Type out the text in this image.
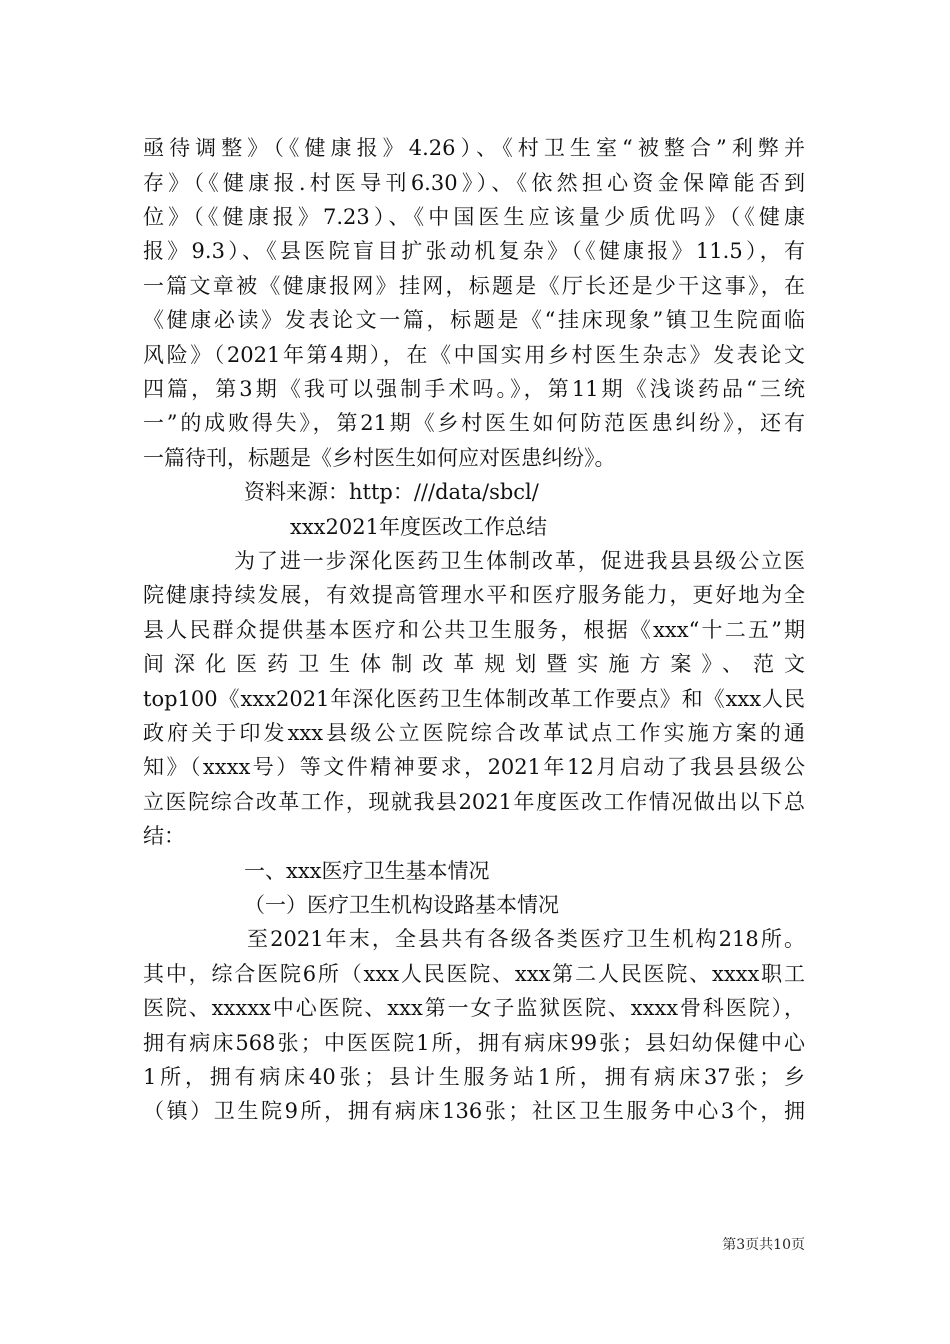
亟待调整》（《健康报》4.26）、《村卫生室“被整合”利弊并
存》（《健康报.村医导刊6.30》）、《依然担心资金保障能否到
位》（《健康报》7.23）、《中国医生应该量少质优吗》（《健康
报》9.3）、《县医院盲目扩张动机复杂》（《健康报》11.5），有
一篇文章被《健康报网》挂网，标题是《厅长还是少干这事》，在
《健康必读》发表论文一篇，标题是《“挂床现象”镇卫生院面临
风险》（2021年第4期），在《中国实用乡村医生杂志》发表论文
四篇，第3期《我可以强制手术吗。》，第11期《浅谈药品“三统
一”的成败得失》，第21期《乡村医生如何防范医患纠纷》，还有
一篇待刊，标题是《乡村医生如何应对医患纠纷》。
资料来源：http：///data/sbcl/
xxx2021年度医改工作总结
为了进一步深化医药卫生体制改革，促进我县县级公立医
院健康持续发展，有效提高管理水平和医疗服务能力，更好地为全
县人民群众提供基本医疗和公共卫生服务，根据《xxx“十二五”期
间深化医药卫生体制改革规划暨实施方案》、范文
top100《xxx2021年深化医药卫生体制改革工作要点》和《xxx人民
政府关于印发xxx县级公立医院综合改革试点工作实施方案的通
知》（xxxx号）等文件精神要求，2021年12月启动了我县县级公
立医院综合改革工作，现就我县2021年度医改工作情况做出以下总
结：
一、xxx医疗卫生基本情况
（一）医疗卫生机构设路基本情况
至2021年末，全县共有各级各类医疗卫生机构218所。
其中，综合医院6所（xxx人民医院、xxx第二人民医院、xxxx职工
医院、xxxxx中心医院、xxx第一女子监狱医院、xxxx骨科医院），
拥有病床568张；中医医院1所，拥有病床99张；县妇幼保健中心
1所，拥有病床40张；县计生服务站1所，拥有病床37张；乡
（镇）卫生院9所，拥有病床136张；社区卫生服务中心3个，拥
第3页共10页
